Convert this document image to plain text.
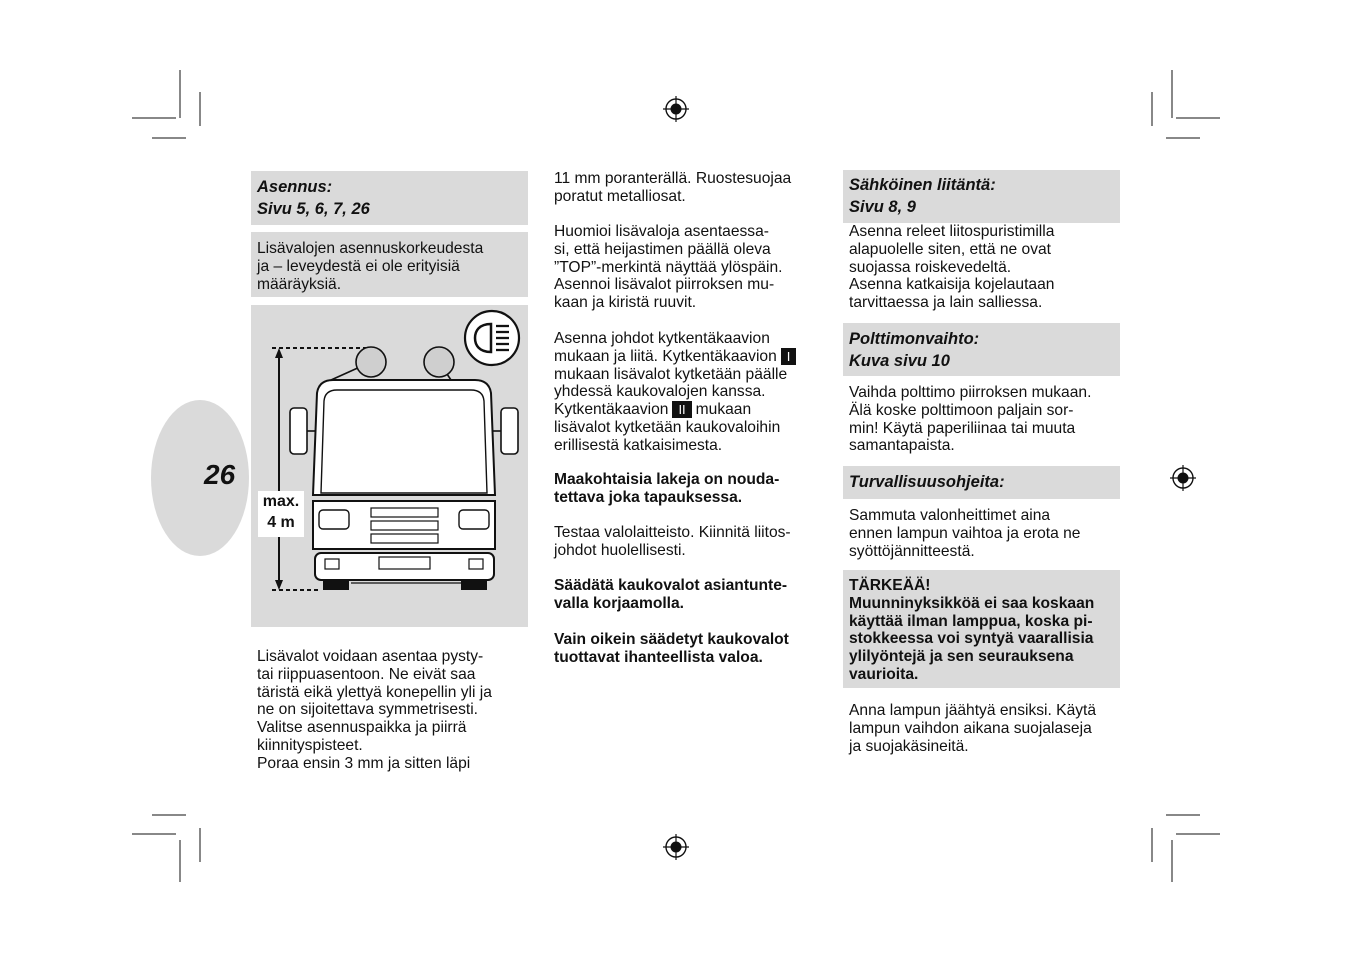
26
Asennus:
Sivu 5, 6, 7, 26
Lisävalojen asennuskorkeudesta
ja – leveydestä ei ole erityisiä
määräyksiä.
max.
4 m
Lisävalot voidaan asentaa pysty-
tai riippuasentoon. Ne eivät saa
täristä eikä ylettyä konepellin yli ja
ne on sijoitettava symmetrisesti.
Valitse asennuspaikka ja piirrä
kiinnityspisteet.
Poraa ensin 3 mm ja sitten läpi
11 mm poranterällä. Ruostesuojaa
poratut metalliosat.
Huomioi lisävaloja asentaessa-
si, että heijastimen päällä oleva
”TOP”-merkintä näyttää ylöspäin.
Asennoi lisävalot piirroksen mu-
kaan ja kiristä ruuvit.
Asenna johdot kytkentäkaavion
mukaan ja liitä. Kytkentäkaavion I
mukaan lisävalot kytketään päälle
yhdessä kaukovalojen kanssa.
Kytkentäkaavion II mukaan
lisävalot kytketään kaukovaloihin
erillisestä katkaisimesta.
Maakohtaisia lakeja on nouda-
tettava joka tapauksessa.
Testaa valolaitteisto. Kiinnitä liitos-
johdot huolellisesti.
Säädätä kaukovalot asiantunte-
valla korjaamolla.
Vain oikein säädetyt kaukovalot
tuottavat ihanteellista valoa.
Sähköinen liitäntä:
Sivu 8, 9
Asenna releet liitospuristimilla
alapuolelle siten, että ne ovat
suojassa roiskevedeltä.
Asenna katkaisija kojelautaan
tarvittaessa ja lain salliessa.
Polttimonvaihto:
Kuva sivu 10
Vaihda polttimo piirroksen mukaan.
Älä koske polttimoon paljain sor-
min! Käytä paperiliinaa tai muuta
samantapaista.
Turvallisuusohjeita:
Sammuta valonheittimet aina
ennen lampun vaihtoa ja erota ne
syöttöjännitteestä.
TÄRKEÄÄ!
Muunninyksikköä ei saa koskaan
käyttää ilman lamppua, koska pi-
stokkeessa voi syntyä vaarallisia
ylilyöntejä ja sen seurauksena
vaurioita.
Anna lampun jäähtyä ensiksi. Käytä
lampun vaihdon aikana suojalaseja
ja suojakäsineitä.
